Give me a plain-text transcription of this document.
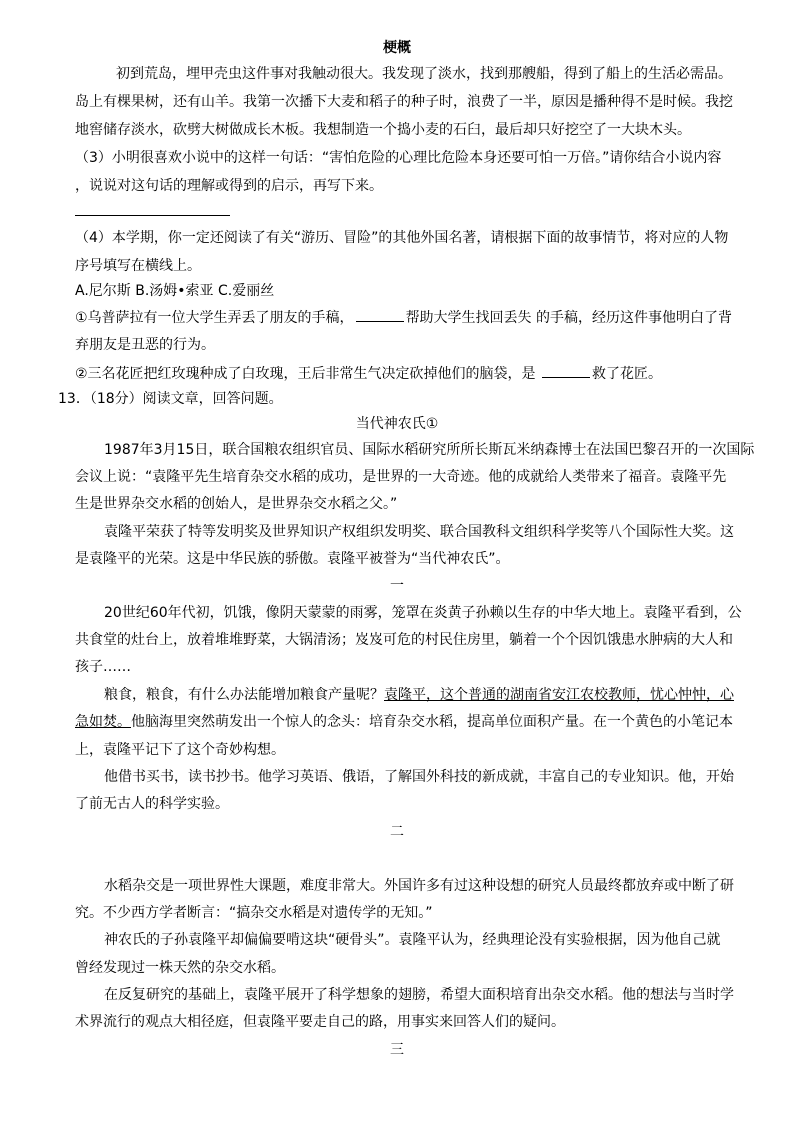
梗概
初到荒岛，埋甲壳虫这件事对我触动很大。我发现了淡水，找到那艘船，得到了船上的生活必需品。
岛上有棵果树，还有山羊。我第一次播下大麦和稻子的种子时，浪费了一半，原因是播种得不是时候。我挖
地窖储存淡水，砍劈大树做成长木板。我想制造一个捣小麦的石臼，最后却只好挖空了一大块木头。
（3）小明很喜欢小说中的这样一句话：“害怕危险的心理比危险本身还要可怕一万倍。”请你结合小说内容
，说说对这句话的理解或得到的启示，再写下来。
（4）本学期，你一定还阅读了有关“游历、冒险”的其他外国名著，请根据下面的故事情节，将对应的人物
序号填写在横线上。
A.尼尔斯 B.汤姆•索亚 C.爱丽丝
①乌普萨拉有一位大学生弄丢了朋友的手稿，	帮助大学生找回丢失 的手稿，经历这件事他明白了背
弃朋友是丑恶的行为。
②三名花匠把红玫瑰种成了白玫瑰，王后非常生气决定砍掉他们的脑袋，是	救了花匠。
13．（18分）阅读文章，回答问题。
当代神农氏①
1987年3月15日，联合国粮农组织官员、国际水稻研究所所长斯瓦米纳森博士在法国巴黎召开的一次国际
会议上说：“袁隆平先生培育杂交水稻的成功，是世界的一大奇迹。他的成就给人类带来了福音。袁隆平先
生是世界杂交水稻的创始人，是世界杂交水稻之父。”
袁隆平荣获了特等发明奖及世界知识产权组织发明奖、联合国教科文组织科学奖等八个国际性大奖。这
是袁隆平的光荣。这是中华民族的骄傲。袁隆平被誉为“当代神农氏”。
一
20世纪60年代初，饥饿，像阴天蒙蒙的雨雾，笼罩在炎黄子孙赖以生存的中华大地上。袁隆平看到，公
共食堂的灶台上，放着堆堆野菜，大锅清汤；岌岌可危的村民住房里，躺着一个个因饥饿患水肿病的大人和
孩子……
粮食，粮食，有什么办法能增加粮食产量呢？袁隆平，这个普通的湖南省安江农校教师，忧心忡忡，心
急如焚。他脑海里突然萌发出一个惊人的念头：培育杂交水稻，提高单位面积产量。在一个黄色的小笔记本
上，袁隆平记下了这个奇妙构想。
他借书买书，读书抄书。他学习英语、俄语，了解国外科技的新成就，丰富自己的专业知识。他，开始
了前无古人的科学实验。
二
水稻杂交是一项世界性大课题，难度非常大。外国许多有过这种设想的研究人员最终都放弃或中断了研
究。不少西方学者断言：“搞杂交水稻是对遗传学的无知。”
神农氏的子孙袁隆平却偏偏要啃这块“硬骨头”。袁隆平认为，经典理论没有实验根据，因为他自己就
曾经发现过一株天然的杂交水稻。
在反复研究的基础上，袁隆平展开了科学想象的翅膀，希望大面积培育出杂交水稻。他的想法与当时学
术界流行的观点大相径庭，但袁隆平要走自己的路，用事实来回答人们的疑问。
三
